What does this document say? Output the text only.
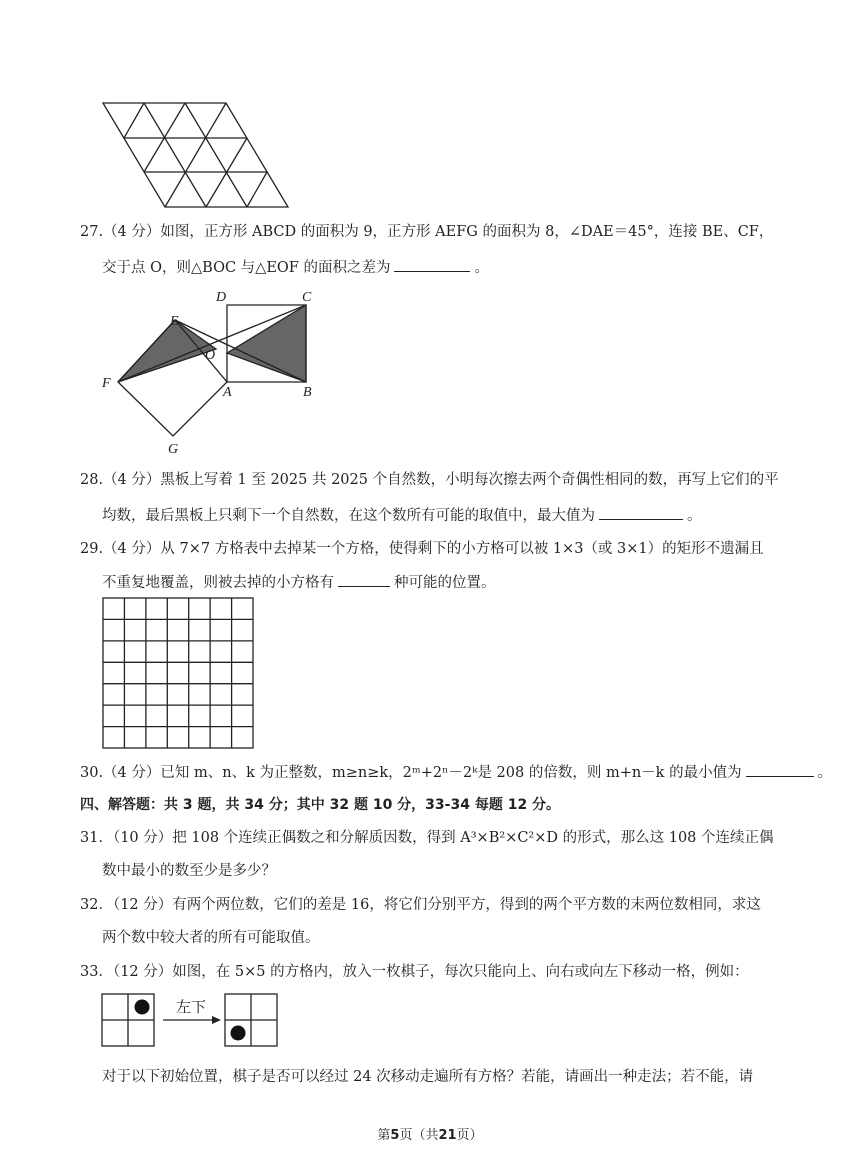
27.（4 分）如图，正方形 ABCD 的面积为 9，正方形 AEFG 的面积为 8，∠DAE＝45°，连接 BE、CF，
交于点 O，则△BOC 与△EOF 的面积之差为	。
D	C
E
O
F
A	B
G
28.（4 分）黑板上写着 1 至 2025 共 2025 个自然数，小明每次擦去两个奇偶性相同的数，再写上它们的平
均数，最后黑板上只剩下一个自然数，在这个数所有可能的取值中，最大值为	。
29.（4 分）从 7×7 方格表中去掉某一个方格，使得剩下的小方格可以被 1×3（或 3×1）的矩形不遗漏且
不重复地覆盖，则被去掉的小方格有	种可能的位置。
30.（4 分）已知 m、n、k 为正整数，m≥n≥k，2ᵐ+2ⁿ－2ᵏ是 208 的倍数，则 m+n－k 的最小值为	。
四、解答题：共 3 题，共 34 分；其中 32 题 10 分，33-34 每题 12 分。
31．（10 分）把 108 个连续正偶数之和分解质因数，得到 A³×B²×C²×D 的形式，那么这 108 个连续正偶
数中最小的数至少是多少？
32．（12 分）有两个两位数，它们的差是 16，将它们分别平方，得到的两个平方数的末两位数相同，求这
两个数中较大者的所有可能取值。
33．（12 分）如图，在 5×5 的方格内，放入一枚棋子，每次只能向上、向右或向左下移动一格，例如：
左下
对于以下初始位置，棋子是否可以经过 24 次移动走遍所有方格？若能，请画出一种走法；若不能，请
第5页（共21页）
